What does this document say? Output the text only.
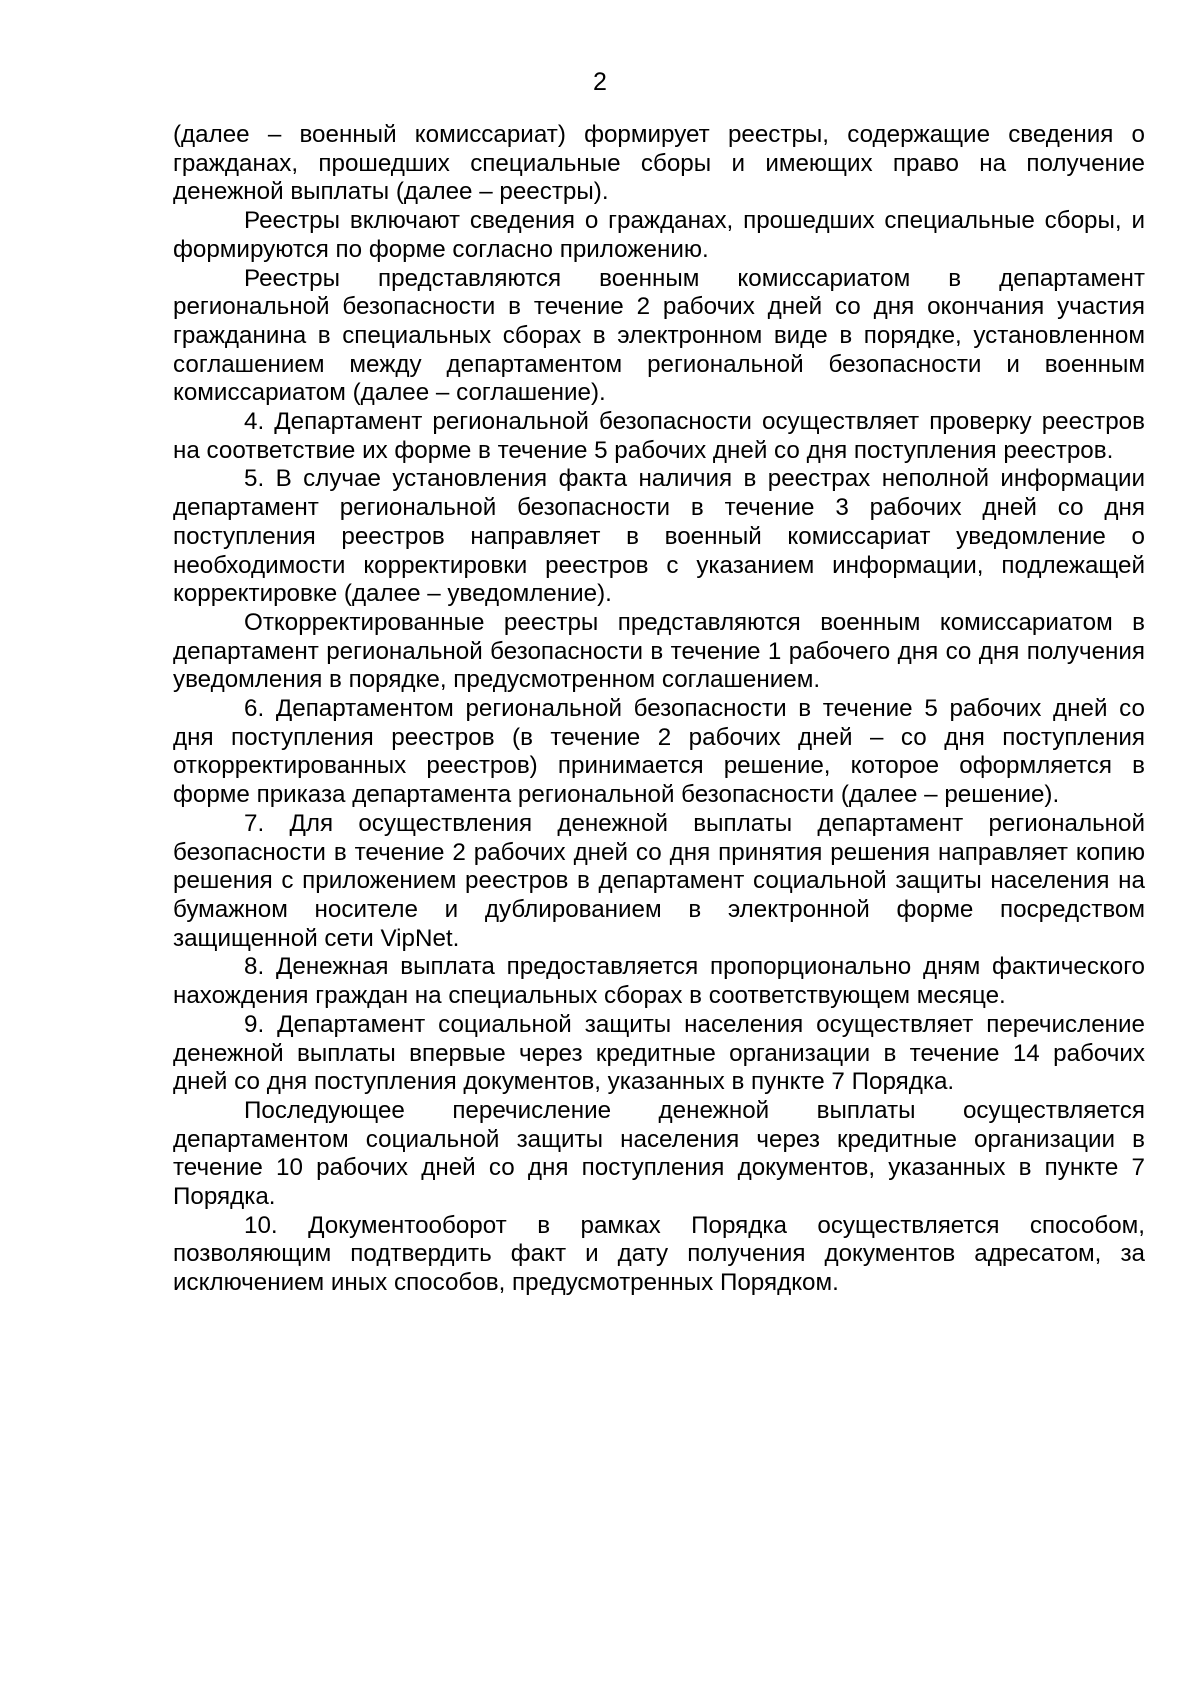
2

(далее – военный комиссариат) формирует реестры, содержащие сведения о гражданах, прошедших специальные сборы и имеющих право на получение денежной выплаты (далее – реестры).

Реестры включают сведения о гражданах, прошедших специальные сборы, и формируются по форме согласно приложению.

Реестры представляются военным комиссариатом в департамент региональной безопасности в течение 2 рабочих дней со дня окончания участия гражданина в специальных сборах в электронном виде в порядке, установленном соглашением между департаментом региональной безопасности и военным комиссариатом (далее – соглашение).

4. Департамент региональной безопасности осуществляет проверку реестров на соответствие их форме в течение 5 рабочих дней со дня поступления реестров.

5. В случае установления факта наличия в реестрах неполной информации департамент региональной безопасности в течение 3 рабочих дней со дня поступления реестров направляет в военный комиссариат уведомление о необходимости корректировки реестров с указанием информации, подлежащей корректировке (далее – уведомление).

Откорректированные реестры представляются военным комиссариатом в департамент региональной безопасности в течение 1 рабочего дня со дня получения уведомления в порядке, предусмотренном соглашением.

6. Департаментом региональной безопасности в течение 5 рабочих дней со дня поступления реестров (в течение 2 рабочих дней – со дня поступления откорректированных реестров) принимается решение, которое оформляется в форме приказа департамента региональной безопасности (далее – решение).

7. Для осуществления денежной выплаты департамент региональной безопасности в течение 2 рабочих дней со дня принятия решения направляет копию решения с приложением реестров в департамент социальной защиты населения на бумажном носителе и дублированием в электронной форме посредством защищенной сети VipNet.

8. Денежная выплата предоставляется пропорционально дням фактического нахождения граждан на специальных сборах в соответствующем месяце.

9. Департамент социальной защиты населения осуществляет перечисление денежной выплаты впервые через кредитные организации в течение 14 рабочих дней со дня поступления документов, указанных в пункте 7 Порядка.

Последующее перечисление денежной выплаты осуществляется департаментом социальной защиты населения через кредитные организации в течение 10 рабочих дней со дня поступления документов, указанных в пункте 7 Порядка.

10. Документооборот в рамках Порядка осуществляется способом, позволяющим подтвердить факт и дату получения документов адресатом, за исключением иных способов, предусмотренных Порядком.
